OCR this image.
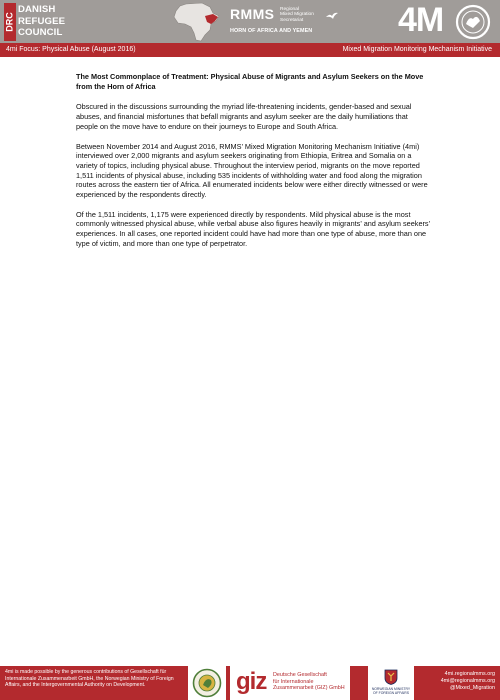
DRC
DANISH
REFUGEE
COUNCIL
RMMS Regional
Mixed Migration
Secretariat
HORN OF AFRICA AND YEMEN	4M
4mi Focus: Physical Abuse (August 2016)	Mixed Migration Monitoring Mechanism Initiative

The Most Commonplace of Treatment: Physical Abuse of Migrants and Asylum Seekers on the Move from the Horn of Africa

Obscured in the discussions surrounding the myriad life-threatening incidents, gender-based and sexual abuses, and financial misfortunes that befall migrants and asylum seeker are the daily humiliations that people on the move have to endure on their journeys to Europe and South Africa.

Between November 2014 and August 2016, RMMS’ Mixed Migration Monitoring Mechanism Initiative (4mi) interviewed over 2,000 migrants and asylum seekers originating from Ethiopia, Eritrea and Somalia on a variety of topics, including physical abuse. Throughout the interview period, migrants on the move reported 1,511 incidents of physical abuse, including 535 incidents of withholding water and food along the migration routes across the eastern tier of Africa. All enumerated incidents below were either directly witnessed or were experienced by the respondents directly.

Of the 1,511 incidents, 1,175 were experienced directly by respondents. Mild physical abuse is the most commonly witnessed physical abuse, while verbal abuse also figures heavily in migrants’ and asylum seekers’ experiences. In all cases, one reported incident could have had more than one type of abuse, more than one type of victim, and more than one type of perpetrator.

4mi is made possible by the generous contributions of Gesellschaft für Internationale Zusammenarbeit GmbH, the Norwegian Ministry of Foreign Affairs, and the Intergovernmental Authority on Development.	giz Deutsche Gesellschaft
für Internationale
Zusammenarbeit (GIZ) GmbH	NORWEGIAN MINISTRY OF FOREIGN AFFAIRS
4mi.regionalmms.org
4mi@regionalmms.org
@Mixed_Migration
